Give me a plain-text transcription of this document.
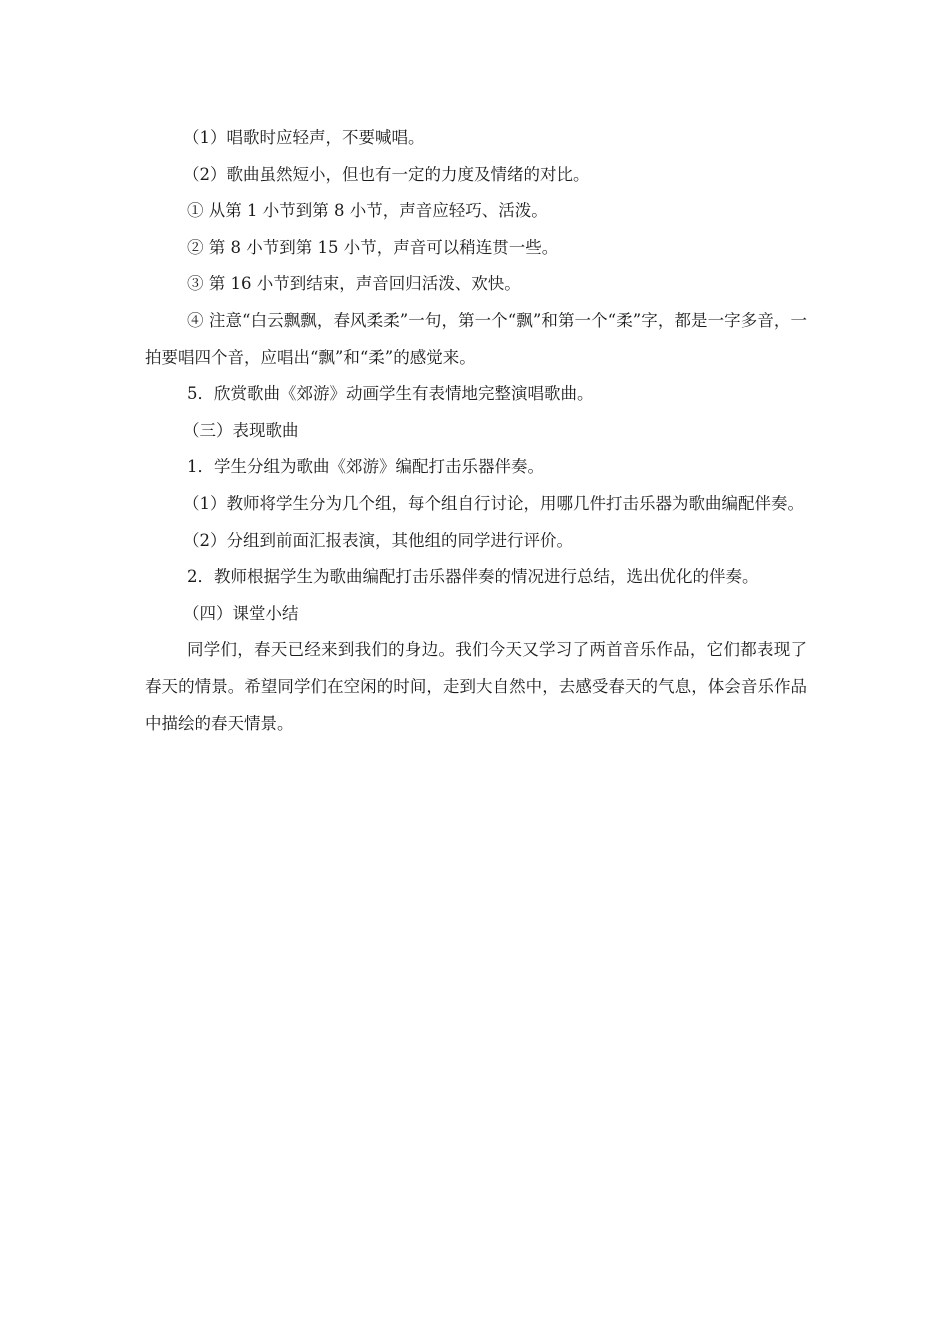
（1）唱歌时应轻声，不要喊唱。

（2）歌曲虽然短小，但也有一定的力度及情绪的对比。

① 从第 1 小节到第 8 小节，声音应轻巧、活泼。

② 第 8 小节到第 15 小节，声音可以稍连贯一些。

③ 第 16 小节到结束，声音回归活泼、欢快。

④ 注意“白云飘飘，春风柔柔”一句，第一个“飘”和第一个“柔”字，都是一字多音，一拍要唱四个音，应唱出“飘”和“柔”的感觉来。

5．欣赏歌曲《郊游》动画学生有表情地完整演唱歌曲。

（三）表现歌曲

1．学生分组为歌曲《郊游》编配打击乐器伴奏。

（1）教师将学生分为几个组，每个组自行讨论，用哪几件打击乐器为歌曲编配伴奏。

（2）分组到前面汇报表演，其他组的同学进行评价。

2．教师根据学生为歌曲编配打击乐器伴奏的情况进行总结，选出优化的伴奏。

（四）课堂小结

同学们，春天已经来到我们的身边。我们今天又学习了两首音乐作品，它们都表现了春天的情景。希望同学们在空闲的时间，走到大自然中，去感受春天的气息，体会音乐作品中描绘的春天情景。
